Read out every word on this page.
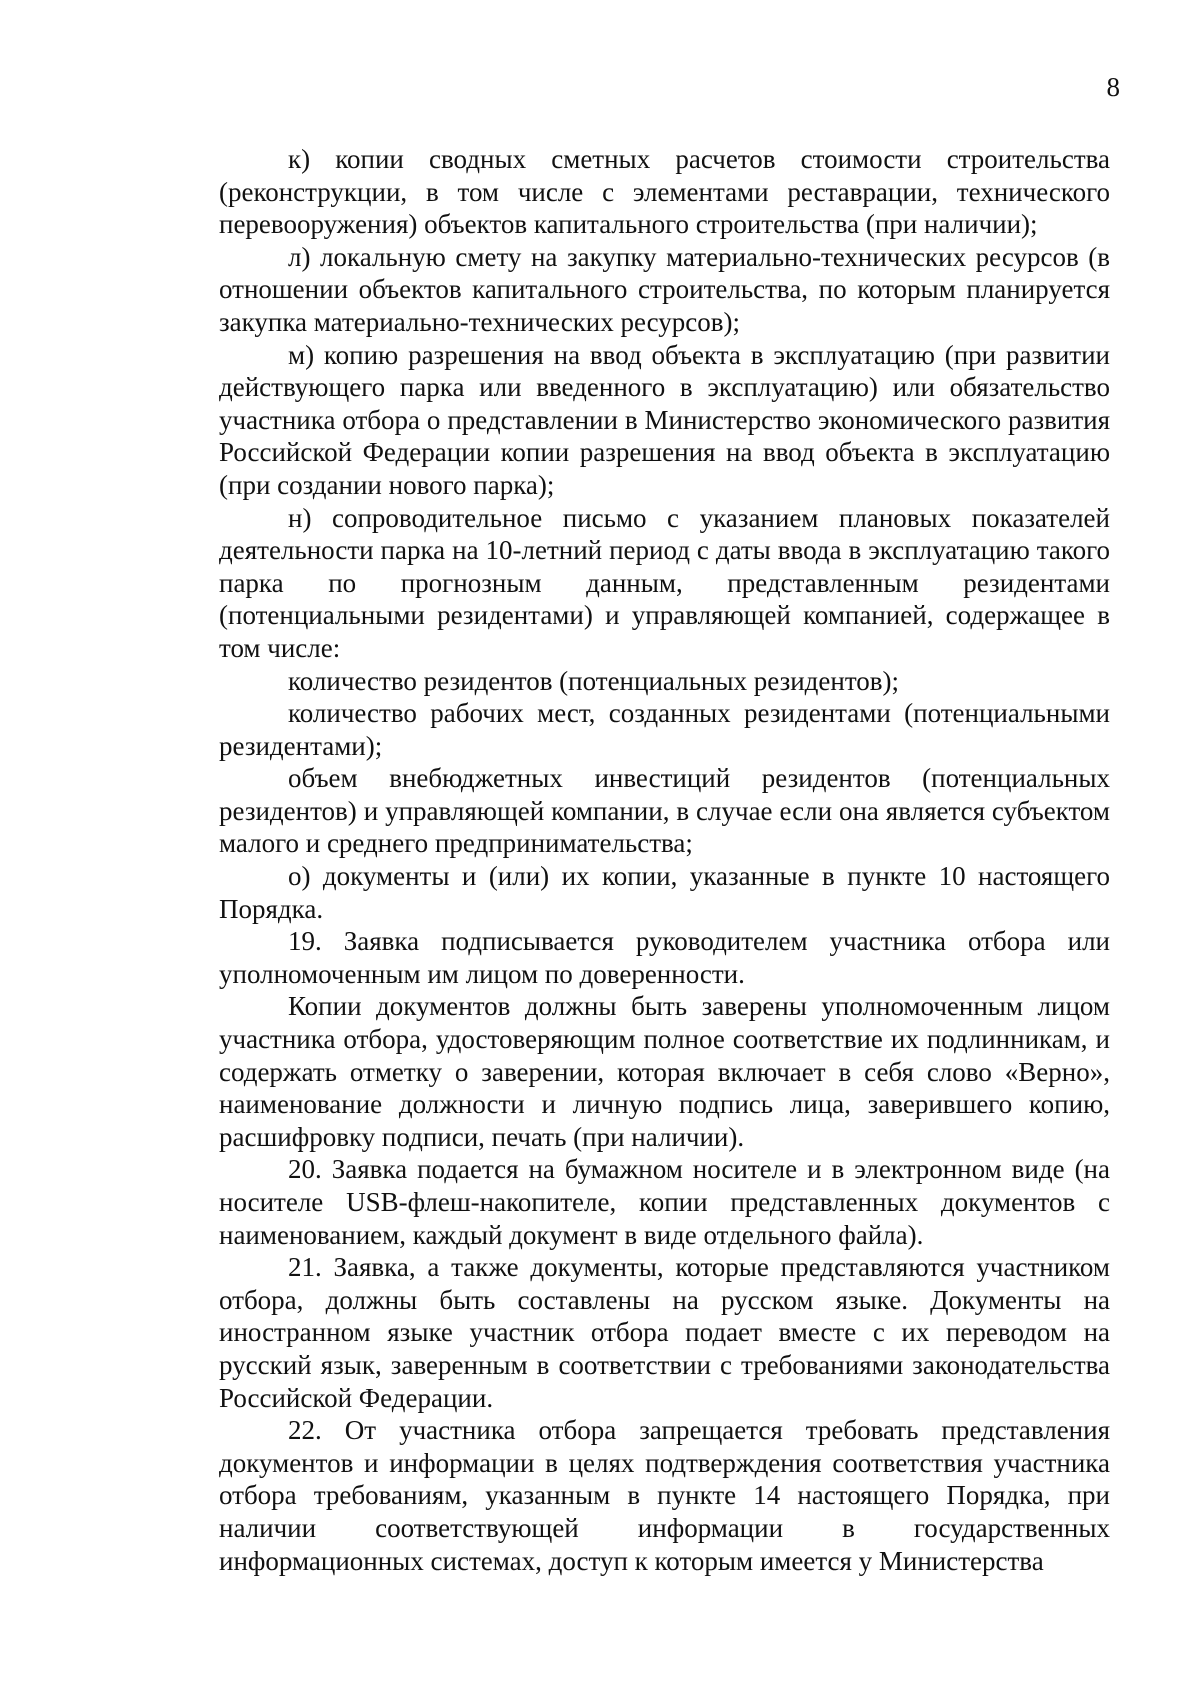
8

к) копии сводных сметных расчетов стоимости строительства (реконструкции, в том числе с элементами реставрации, технического перевооружения) объектов капитального строительства (при наличии);

л) локальную смету на закупку материально-технических ресурсов (в отношении объектов капитального строительства, по которым планируется закупка материально-технических ресурсов);

м) копию разрешения на ввод объекта в эксплуатацию (при развитии действующего парка или введенного в эксплуатацию) или обязательство участника отбора о представлении в Министерство экономического развития Российской Федерации копии разрешения на ввод объекта в эксплуатацию (при создании нового парка);

н) сопроводительное письмо с указанием плановых показателей деятельности парка на 10-летний период с даты ввода в эксплуатацию такого парка по прогнозным данным, представленным резидентами (потенциальными резидентами) и управляющей компанией, содержащее в том числе:

количество резидентов (потенциальных резидентов);

количество рабочих мест, созданных резидентами (потенциальными резидентами);

объем внебюджетных инвестиций резидентов (потенциальных резидентов) и управляющей компании, в случае если она является субъектом малого и среднего предпринимательства;

о) документы и (или) их копии, указанные в пункте 10 настоящего Порядка.

19. Заявка подписывается руководителем участника отбора или уполномоченным им лицом по доверенности.

Копии документов должны быть заверены уполномоченным лицом участника отбора, удостоверяющим полное соответствие их подлинникам, и содержать отметку о заверении, которая включает в себя слово «Верно», наименование должности и личную подпись лица, заверившего копию, расшифровку подписи, печать (при наличии).

20. Заявка подается на бумажном носителе и в электронном виде (на носителе USB-флеш-накопителе, копии представленных документов с наименованием, каждый документ в виде отдельного файла).

21. Заявка, а также документы, которые представляются участником отбора, должны быть составлены на русском языке. Документы на иностранном языке участник отбора подает вместе с их переводом на русский язык, заверенным в соответствии с требованиями законодательства Российской Федерации.

22. От участника отбора запрещается требовать представления документов и информации в целях подтверждения соответствия участника отбора требованиям, указанным в пункте 14 настоящего Порядка, при наличии соответствующей информации в государственных информационных системах, доступ к которым имеется у Министерства
